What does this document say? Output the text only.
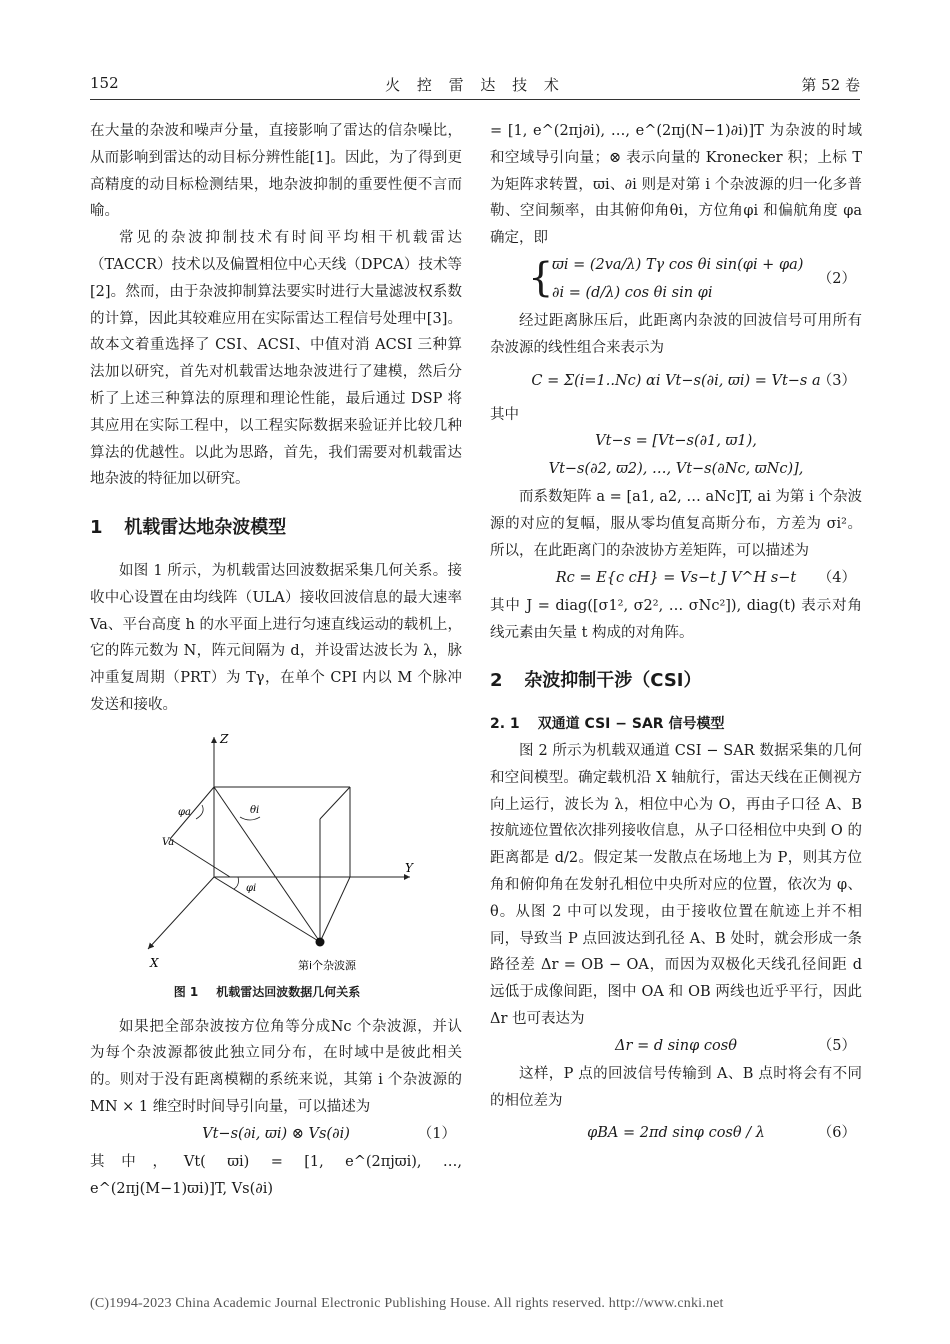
152	火 控 雷 达 技 术	第 52 卷

在大量的杂波和噪声分量，直接影响了雷达的信杂噪比，从而影响到雷达的动目标分辨性能[1]。因此，为了得到更高精度的动目标检测结果，地杂波抑制的重要性便不言而喻。

常见的杂波抑制技术有时间平均相干机载雷达（TACCR）技术以及偏置相位中心天线（DPCA）技术等[2]。然而，由于杂波抑制算法要实时进行大量滤波权系数的计算，因此其较难应用在实际雷达工程信号处理中[3]。故本文着重选择了 CSI、ACSI、中值对消 ACSI 三种算法加以研究，首先对机载雷达地杂波进行了建模，然后分析了上述三种算法的原理和理论性能，最后通过 DSP 将其应用在实际工程中，以工程实际数据来验证并比较几种算法的优越性。以此为思路，首先，我们需要对机载雷达地杂波的特征加以研究。

1 机载雷达地杂波模型

如图 1 所示，为机载雷达回波数据采集几何关系。接收中心设置在由均线阵（ULA）接收回波信息的最大速率 Va、平台高度 h 的水平面上进行匀速直线运动的载机上，它的阵元数为 N，阵元间隔为 d，并设雷达波长为 λ，脉冲重复周期（PRT）为 Tγ，在单个 CPI 内以 M 个脉冲发送和接收。

Z
Y
X
φa
Va
θi
φi
第i个杂波源
图 1 机载雷达回波数据几何关系

如果把全部杂波按方位角等分成Nc 个杂波源，并认为每个杂波源都彼此独立同分布，在时域中是彼此相关的。则对于没有距离模糊的系统来说，其第 i 个杂波源的 MN × 1 维空时时间导引向量，可以描述为

Vt−s(∂i, ϖi) ⊗ Vs(∂i)	（1）

其中，Vt( ϖi) = [1, e^(2πjϖi), …, e^(2πj(M−1)ϖi)]T, Vs(∂i)

= [1, e^(2πj∂i), …, e^(2πj(N−1)∂i)]T 为杂波的时域和空域导引向量；⊗ 表示向量的 Kronecker 积；上标 T 为矩阵求转置，ϖi、∂i 则是对第 i 个杂波源的归一化多普勒、空间频率，由其俯仰角θi，方位角φi 和偏航角度 φa 确定，即

{
ϖi = (2va/λ) Tγ cos θi sin(φi + φa)
∂i = (d/λ) cos θi sin φi
（2）

经过距离脉压后，此距离内杂波的回波信号可用所有杂波源的线性组合来表示为

C = Σ(i=1..Nc) αi Vt−s(∂i, ϖi) = Vt−s a
（3）

其中

Vt−s = [Vt−s(∂1, ϖ1),
Vt−s(∂2, ϖ2), …, Vt−s(∂Nc, ϖNc)],

而系数矩阵 a = [a1, a2, … aNc]T, ai 为第 i 个杂波源的对应的复幅，服从零均值复高斯分布，方差为 σi²。所以，在此距离门的杂波协方差矩阵，可以描述为

Rc = E{c cH} = Vs−t J V^H s−t （4）

其中 J = diag([σ1², σ2², … σNc²]), diag(t) 表示对角线元素由矢量 t 构成的对角阵。

2 杂波抑制干涉（CSI）
2. 1 双通道 CSI − SAR 信号模型

图 2 所示为机载双通道 CSI − SAR 数据采集的几何和空间模型。确定载机沿 X 轴航行，雷达天线在正侧视方向上运行，波长为 λ，相位中心为 O，再由子口径 A、B 按航迹位置依次排列接收信息，从子口径相位中央到 O 的距离都是 d/2。假定某一发散点在场地上为 P，则其方位角和俯仰角在发射孔相位中央所对应的位置，依次为 φ、θ。从图 2 中可以发现，由于接收位置在航迹上并不相同，导致当 P 点回波达到孔径 A、B 处时，就会形成一条路径差 Δr = OB − OA，而因为双极化天线孔径间距 d 远低于成像间距，图中 OA 和 OB 两线也近乎平行，因此 Δr 也可表达为

Δr = d sinφ cosθ	（5）

这样，P 点的回波信号传输到 A、B 点时将会有不同的相位差为

φBA = 2πd sinφ cosθ / λ	（6）
(C)1994-2023 China Academic Journal Electronic Publishing House. All rights reserved. http://www.cnki.net
